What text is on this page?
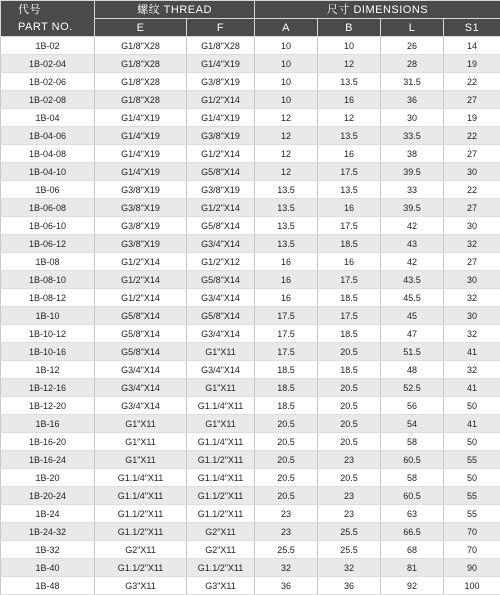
代号
PART NO.	螺纹 THREAD		尺寸 DIMENSIONS			
	E	F	A	B	L	S1
1B-02	G1/8"X28	G1/8"X28	10	10	26	14
1B-02-04	G1/8"X28	G1/4"X19	10	12	28	19
1B-02-06	G1/8"X28	G3/8"X19	10	13.5	31.5	22
1B-02-08	G1/8"X28	G1/2"X14	10	16	36	27
1B-04	G1/4"X19	G1/4"X19	12	12	30	19
1B-04-06	G1/4"X19	G3/8"X19	12	13.5	33.5	22
1B-04-08	G1/4"X19	G1/2"X14	12	16	38	27
1B-04-10	G1/4"X19	G5/8"X14	12	17.5	39.5	30
1B-06	G3/8"X19	G3/8"X19	13.5	13.5	33	22
1B-06-08	G3/8"X19	G1/2"X14	13.5	16	39.5	27
1B-06-10	G3/8"X19	G5/8"X14	13.5	17.5	42	30
1B-06-12	G3/8"X19	G3/4"X14	13.5	18.5	43	32
1B-08	G1/2"X14	G1/2"X12	16	16	42	27
1B-08-10	G1/2"X14	G5/8"X14	16	17.5	43.5	30
1B-08-12	G1/2"X14	G3/4"X14	16	18.5	45.5	32
1B-10	G5/8"X14	G5/8"X14	17.5	17.5	45	30
1B-10-12	G5/8"X14	G3/4"X14	17.5	18.5	47	32
1B-10-16	G5/8"X14	G1"X11	17.5	20.5	51.5	41
1B-12	G3/4"X14	G3/4"X14	18.5	18.5	48	32
1B-12-16	G3/4"X14	G1"X11	18.5	20.5	52.5	41
1B-12-20	G3/4"X14	G1.1/4"X11	18.5	20.5	56	50
1B-16	G1"X11	G1"X11	20.5	20.5	54	41
1B-16-20	G1"X11	G1.1/4"X11	20.5	20.5	58	50
1B-16-24	G1"X11	G1.1/2"X11	20.5	23	60.5	55
1B-20	G1.1/4"X11	G1.1/4"X11	20.5	20.5	58	50
1B-20-24	G1.1/4"X11	G1.1/2"X11	20.5	23	60.5	55
1B-24	G1.1/2"X11	G1.1/2"X11	23	23	63	55
1B-24-32	G1.1/2"X11	G2"X11	23	25.5	66.5	70
1B-32	G2"X11	G2"X11	25.5	25.5	68	70
1B-40	G1.1/2"X11	G1.1/2"X11	32	32	81	90
1B-48	G3"X11	G3"X11	36	36	92	100
